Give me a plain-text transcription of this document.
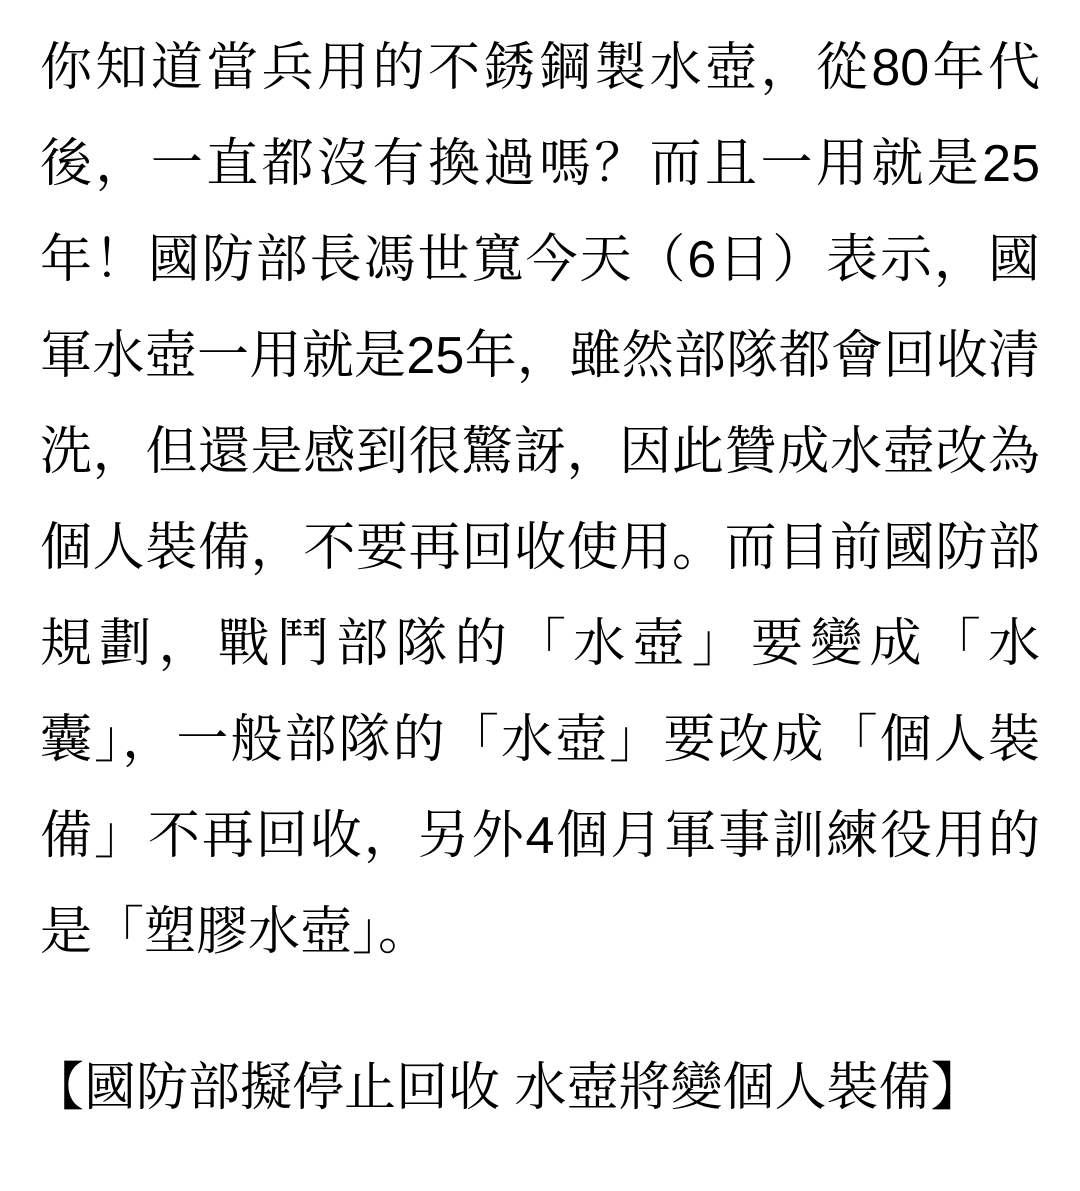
你知道當兵用的不銹鋼製水壺，從80年代
後，一直都沒有換過嗎？而且一用就是25
年！國防部長馮世寬今天（6日）表示，國
軍水壺一用就是25年，雖然部隊都會回收清
洗，但還是感到很驚訝，因此贊成水壺改為
個人裝備，不要再回收使用。而目前國防部
規劃，戰鬥部隊的「水壺」要變成「水
囊」，一般部隊的「水壺」要改成「個人裝
備」不再回收，另外4個月軍事訓練役用的
是「塑膠水壺」。
【國防部擬停止回收 水壺將變個人裝備】
